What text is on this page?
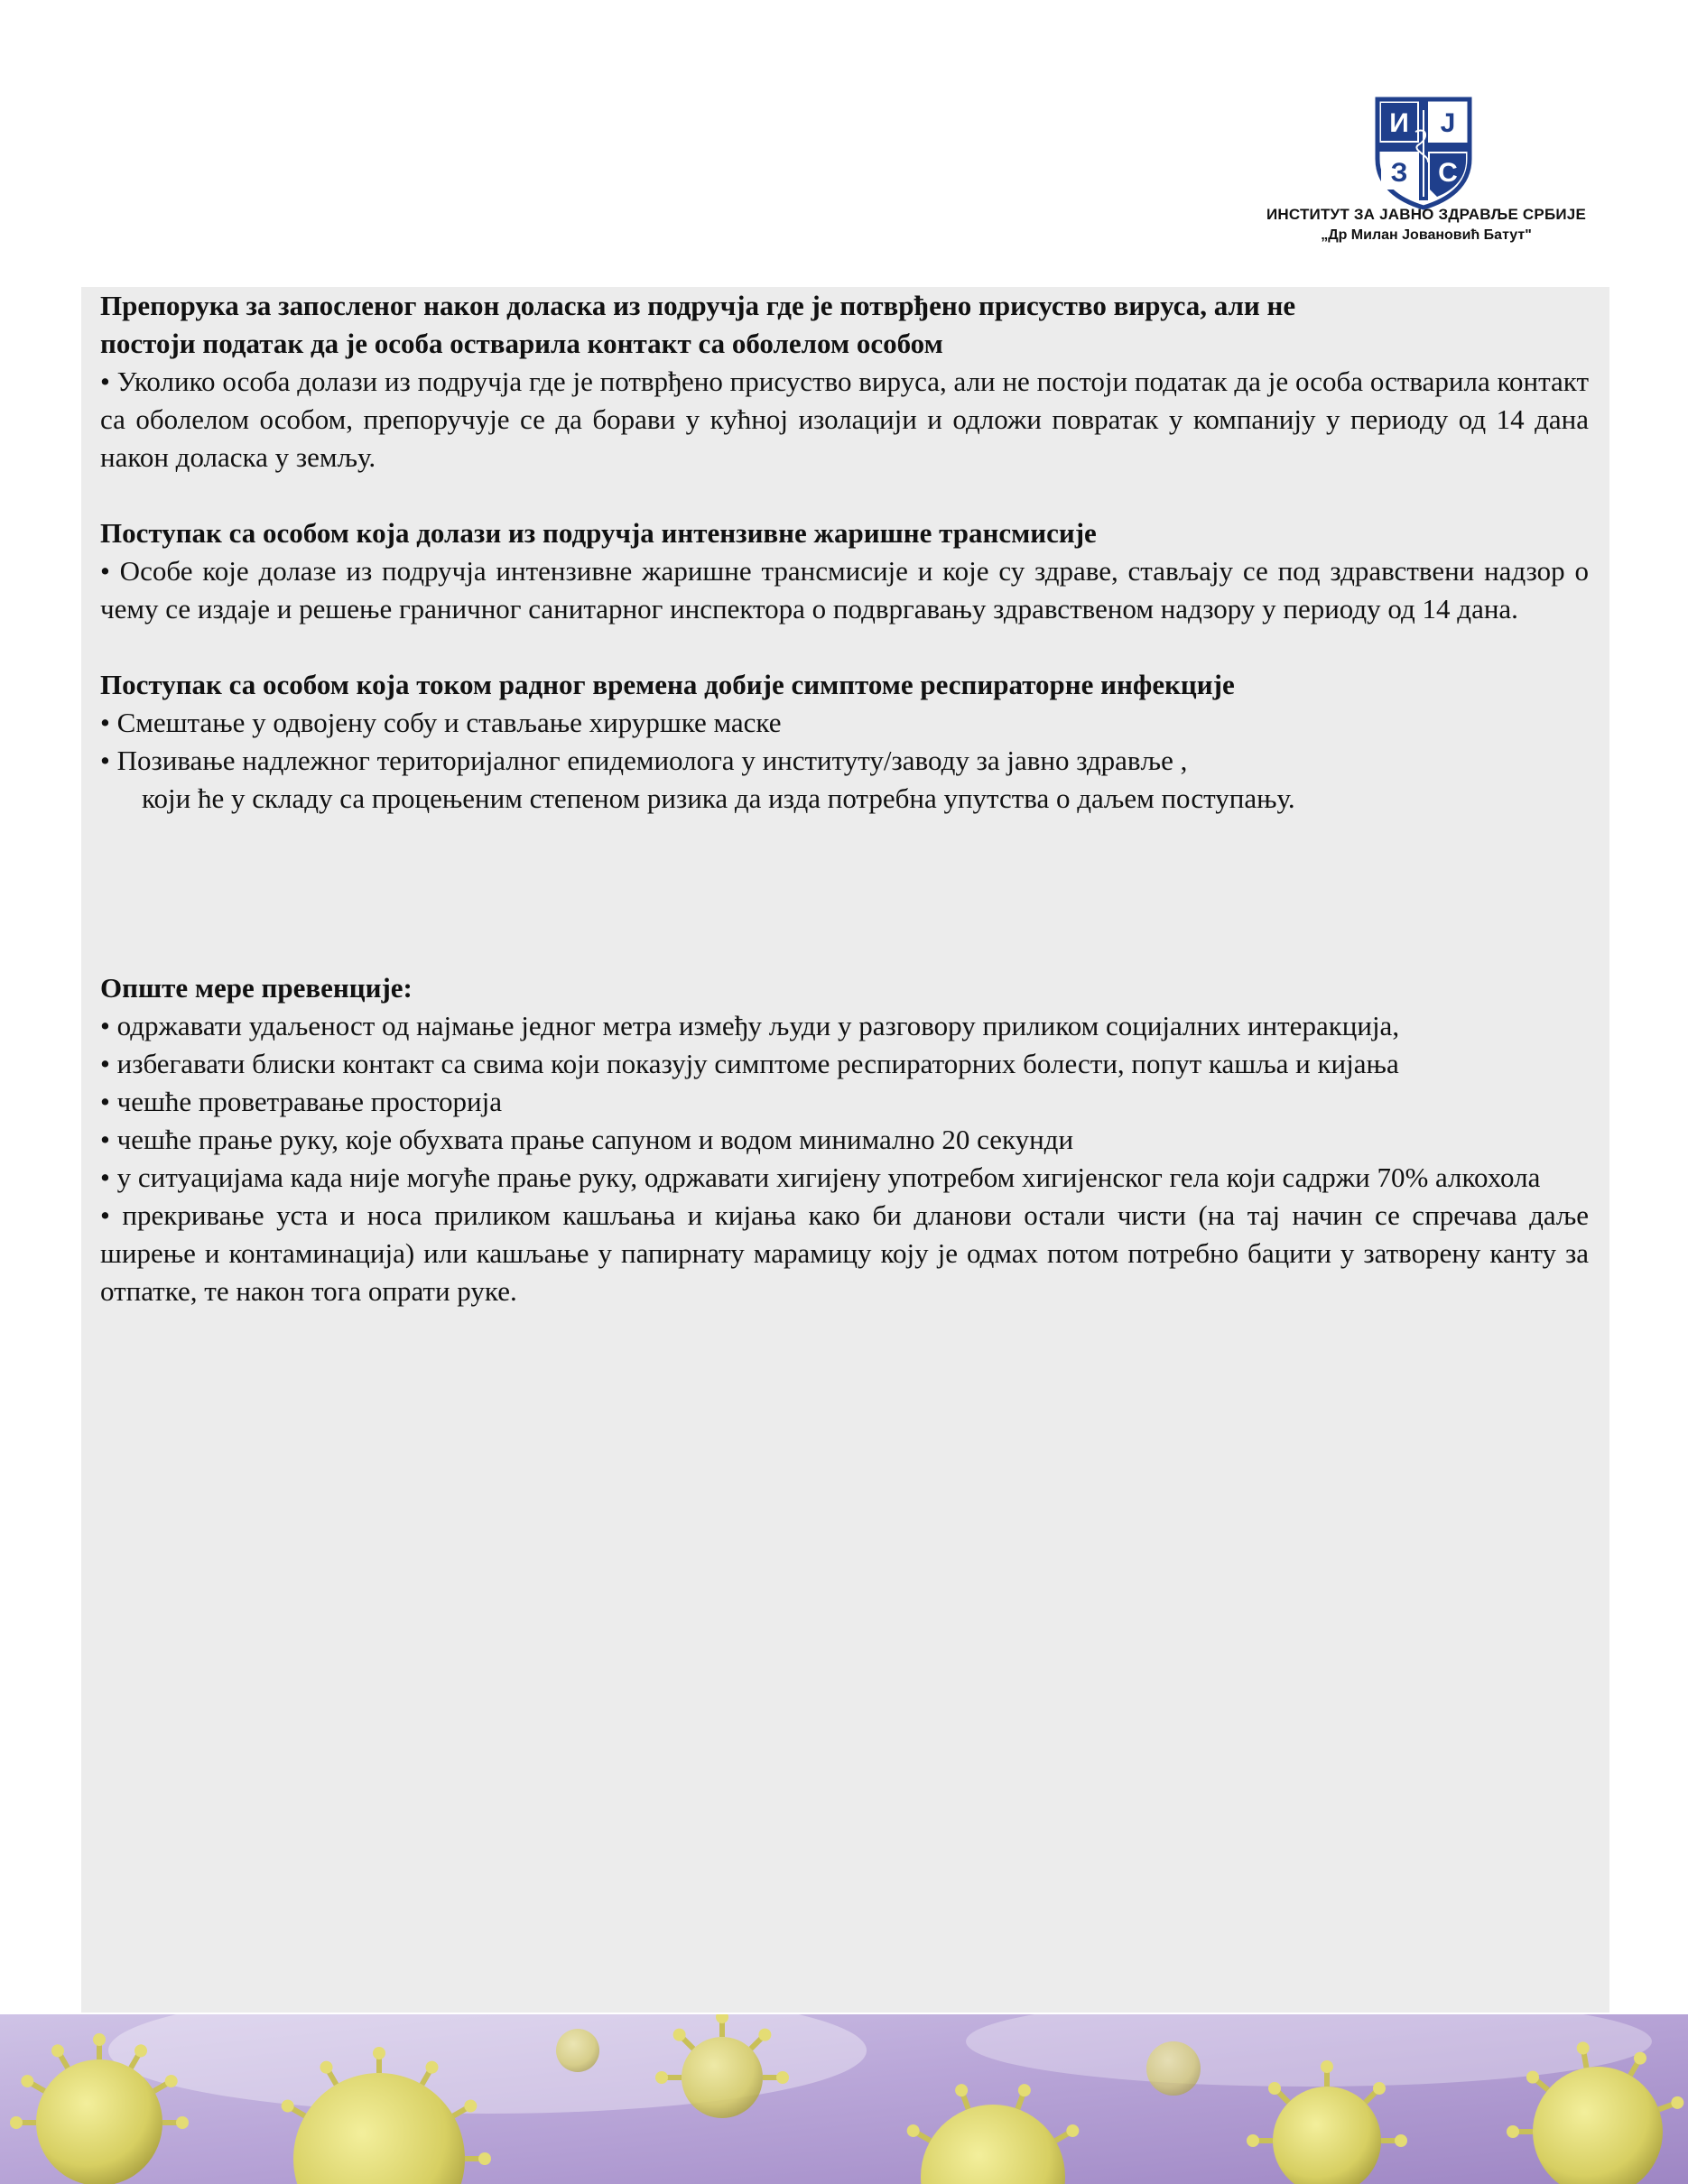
И Ј
З С
ИНСТИТУТ ЗА ЈАВНО ЗДРАВЉЕ СРБИЈЕ
„Др Милан Јовановић Батут"

Препорука за запосленог након доласка из подручја где је потврђено присуство вируса, али не

постоји податак да је особа остварила контакт са оболелом особом

• Уколико особа долази из подручја где је потврђено присуство вируса, али не постоји податак да је особа остварила контакт са оболелом особом, препоручује се да борави у кућној изолацији и одложи повратак у компанију у периоду од 14 дана након доласка у земљу.

Поступак са особом која долази из подручја интензивне жаришне трансмисије

• Особе које долазе из подручја интензивне жаришне трансмисије и које су здраве, стављају се под здравствени надзор о чему се издаје и решење граничног санитарног инспектора о подвргавању здравственом надзору у периоду од 14 дана.

Поступак са особом која током радног времена добије симптоме респираторне инфекције

• Смештање у одвојену собу и стављање хируршке маске

• Позивање надлежног територијалног епидемиолога у институту/заводу за јавно здравље ,

који ће у складу са процењеним степеном ризика да изда потребна упутства о даљем поступању.

Опште мере превенције:

• одржавати удаљеност од најмање једног метра између људи у разговору приликом социјалних интеракција,

• избегавати блиски контакт са свима који показују симптоме респираторних болести, попут кашља и кијања

• чешће проветравање просторија

• чешће прање руку, које обухвата прање сапуном и водом минимално 20 секунди

• у ситуацијама када није могуће прање руку, одржавати хигијену употребом хигијенског гела који садржи 70% алкохола

• прекривање уста и носа приликом кашљања и кијања како би дланови остали чисти (на тај начин се спречава даље ширење и контаминација) или кашљање у папирнату марамицу коју је одмах потом потребно бацити у затворену канту за отпатке, те након тога опрати руке.
